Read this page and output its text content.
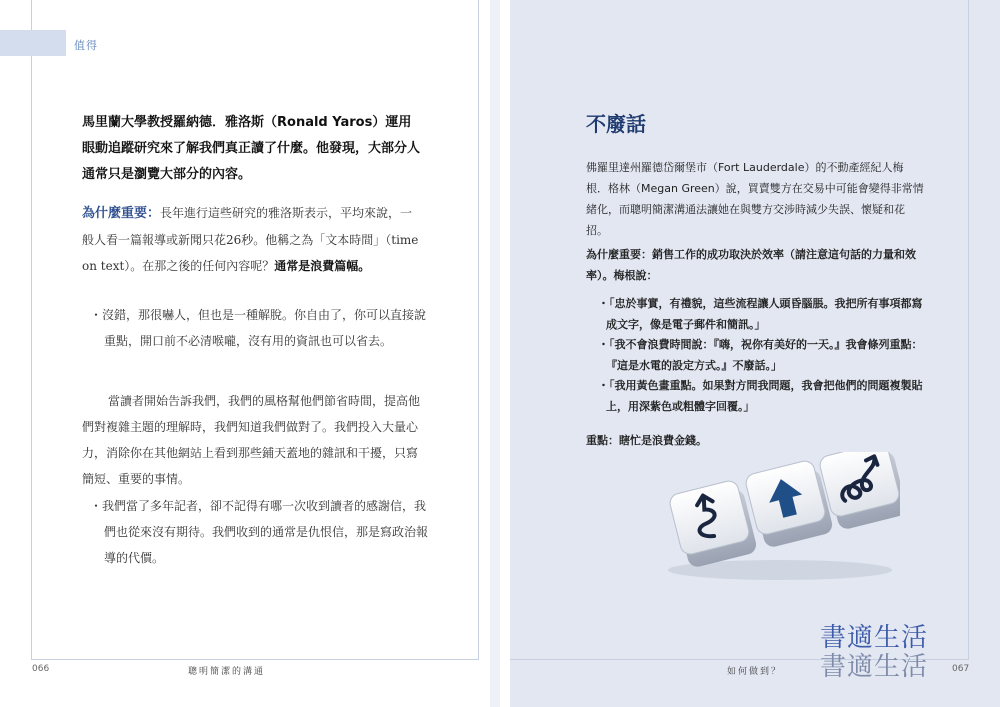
值得
馬里蘭大學教授羅納德．雅洛斯（Ronald Yaros）運用眼動追蹤研究來了解我們真正讀了什麼。他發現，大部分人通常只是瀏覽大部分的內容。
為什麼重要：長年進行這些研究的雅洛斯表示，平均來說，一般人看一篇報導或新聞只花26秒。他稱之為「文本時間」（time on text）。在那之後的任何內容呢？通常是浪費篇幅。
・沒錯，那很嚇人，但也是一種解脫。你自由了，你可以直接說重點，開口前不必清喉嚨，沒有用的資訊也可以省去。
當讀者開始告訴我們，我們的風格幫他們節省時間，提高他們對複雜主題的理解時，我們知道我們做對了。我們投入大量心力，消除你在其他網站上看到那些鋪天蓋地的雜訊和干擾，只寫簡短、重要的事情。
・我們當了多年記者，卻不記得有哪一次收到讀者的感謝信，我們也從來沒有期待。我們收到的通常是仇恨信，那是寫政治報導的代價。
066	聰明簡潔的溝通
不廢話
佛羅里達州羅德岱爾堡市（Fort Lauderdale）的不動產經紀人梅根．格林（Megan Green）說，買賣雙方在交易中可能會變得非常情緒化，而聰明簡潔溝通法讓她在與雙方交涉時減少失誤、懷疑和花招。
為什麼重要：銷售工作的成功取決於效率（請注意這句話的力量和效率）。梅根說：
・「忠於事實，有禮貌，這些流程讓人頭昏腦脹。我把所有事項都寫成文字，像是電子郵件和簡訊。」
・「我不會浪費時間說：『嗨，祝你有美好的一天。』我會條列重點：『這是水電的設定方式。』不廢話。」
・「我用黃色畫重點。如果對方問我問題，我會把他們的問題複製貼上，用深紫色或粗體字回覆。」
重點：瞎忙是浪費金錢。
書適生活
書適生活
如何做到？	067
